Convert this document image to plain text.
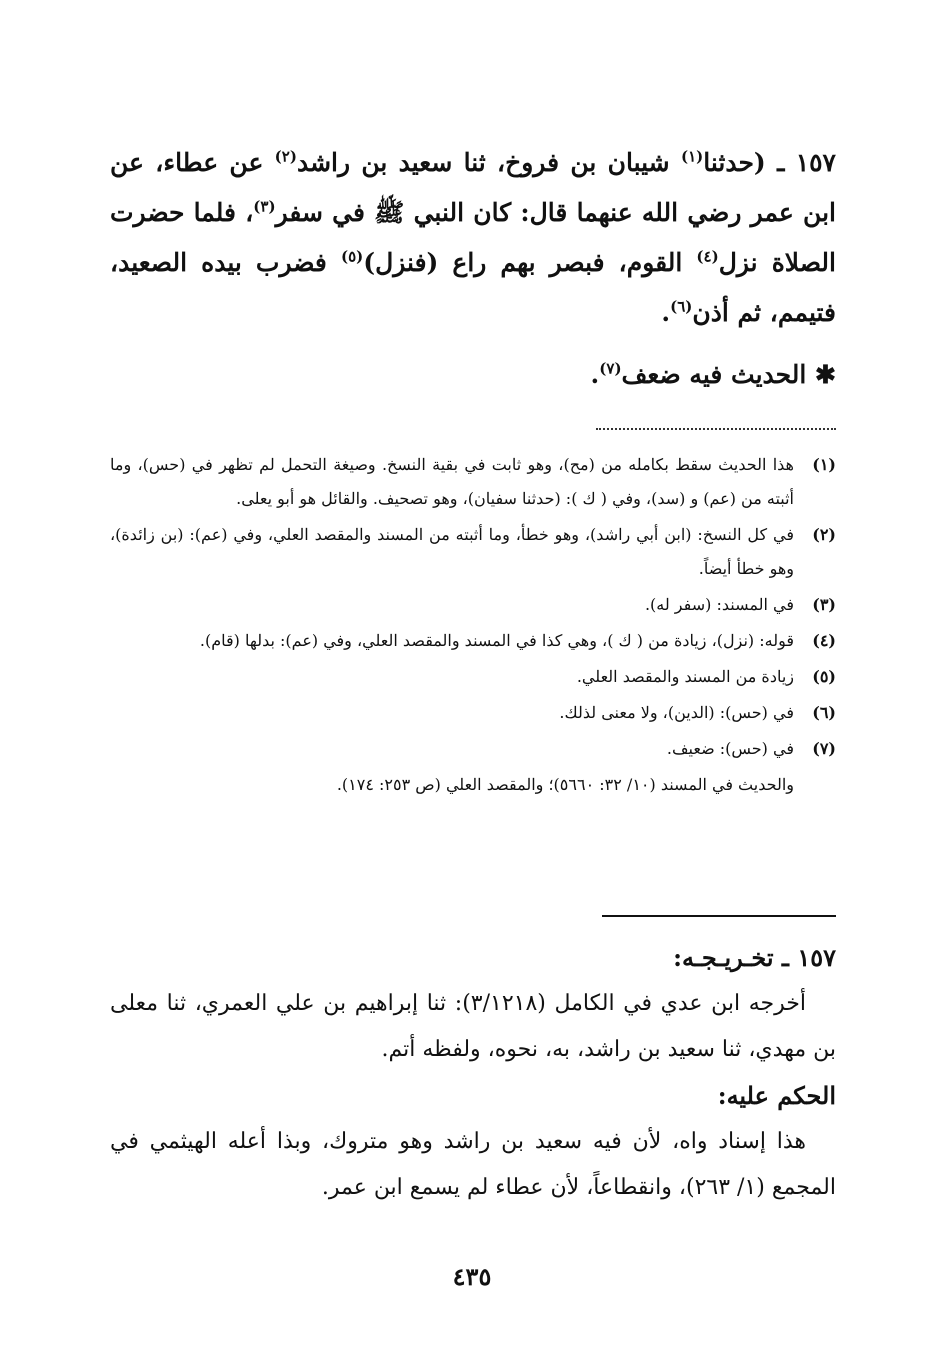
١٥٧ ـ (حدثنا$^{(١)}$ شيبان بن فروخ، ثنا سعيد بن راشد$^{(٢)}$ عن عطاء، عن ابن عمر رضي الله عنهما قال: كان النبي ﷺ في سفر$^{(٣)}$، فلما حضرت الصلاة نزل$^{(٤)}$ القوم، فبصر بهم راع (فنزل)$^{(٥)}$ فضرب بيده الصعيد، فتيمم، ثم أذن$^{(٦)}$.

✱ الحديث فيه ضعف$^{(٧)}$.
(١)
هذا الحديث سقط بكامله من (مح)، وهو ثابت في بقية النسخ. وصيغة التحمل لم تظهر في (حس)، وما أثبته من (عم) و (سد)، وفي ( ك ): (حدثنا سفيان)، وهو تصحيف. والقائل هو أبو يعلى.
(٢)
في كل النسخ: (ابن أبي راشد)، وهو خطأ، وما أثبته من المسند والمقصد العلي، وفي (عم): (بن زائدة)، وهو خطأ أيضاً.
(٣)
في المسند: (سفر له).
(٤)
قوله: (نزل)، زيادة من ( ك )، وهي كذا في المسند والمقصد العلي، وفي (عم): بدلها (قام).
(٥)
زيادة من المسند والمقصد العلي.
(٦)
في (حس): (الدين)، ولا معنى لذلك.
(٧)
في (حس): ضعيف.
والحديث في المسند (١٠/ ٣٢: ٥٦٦٠)؛ والمقصد العلي (ص ٢٥٣: ١٧٤).

١٥٧ ـ تخـريـجـه:

أخرجه ابن عدي في الكامل (٣/١٢١٨): ثنا إبراهيم بن علي العمري، ثنا معلى بن مهدي، ثنا سعيد بن راشد، به، نحوه، ولفظه أتم.

الحكم عليه:

هذا إسناد واه، لأن فيه سعيد بن راشد وهو متروك، وبذا أعله الهيثمي في المجمع (١/ ٢٦٣)، وانقطاعاً، لأن عطاء لم يسمع ابن عمر.

٤٣٥
